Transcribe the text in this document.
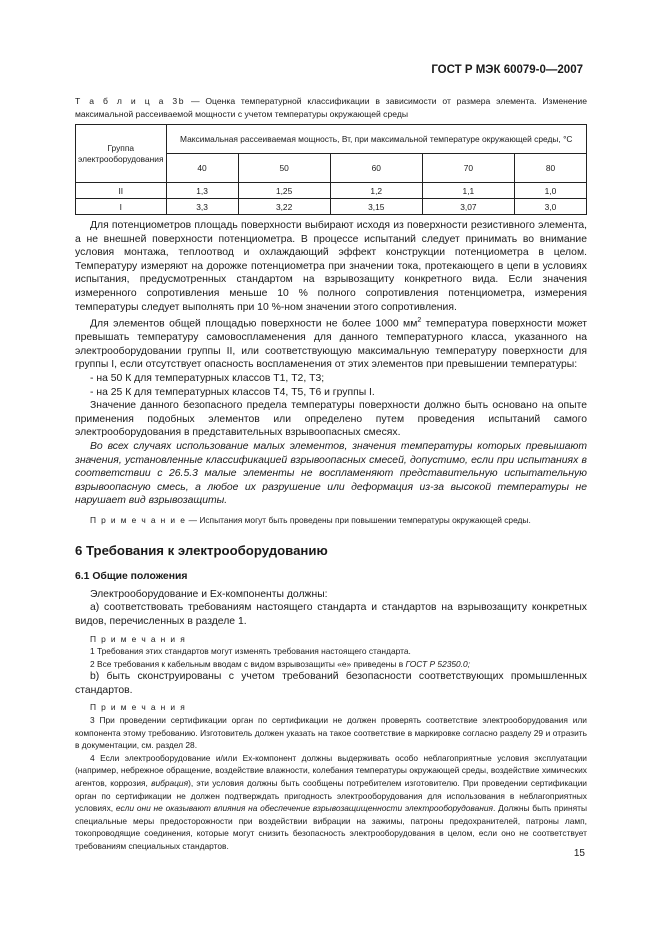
ГОСТ Р МЭК 60079-0—2007
Т а б л и ц а 3b — Оценка температурной классификации в зависимости от размера элемента. Изменение максимальной рассеиваемой мощности с учетом температуры окружающей среды
Группа электрооборудования	Максимальная рассеиваемая мощность, Вт, при максимальной температуре окружающей среды, °С				
	40	50	60	70	80
II	1,3	1,25	1,2	1,1	1,0
I	3,3	3,22	3,15	3,07	3,0

Для потенциометров площадь поверхности выбирают исходя из поверхности резистивного элемента, а не внешней поверхности потенциометра. В процессе испытаний следует принимать во внимание условия монтажа, теплоотвод и охлаждающий эффект конструкции потенциометра в целом. Температуру измеряют на дорожке потенциометра при значении тока, протекающего в цепи в условиях испытания, предусмотренных стандартом на взрывозащиту конкретного вида. Если значения измеренного сопротивления меньше 10 % полного сопротивления потенциометра, измерения температуры следует выполнять при 10 %-ном значении этого сопротивления.

Для элементов общей площадью поверхности не более 1000 $мм^2$ температура поверхности может превышать температуру самовоспламенения для данного температурного класса, указанного на электрооборудовании группы II, или соответствующую максимальную температуру поверхности для группы I, если отсутствует опасность воспламенения от этих элементов при превышении температуры:

- на 50 К для температурных классов Т1, Т2, Т3;

- на 25 К для температурных классов Т4, Т5, Т6 и группы I.

Значение данного безопасного предела температуры поверхности должно быть основано на опыте применения подобных элементов или определено путем проведения испытаний самого электрооборудования в представительных взрывоопасных смесях.

Во всех случаях использование малых элементов, значения температуры которых превышают значения, установленные классификацией взрывоопасных смесей, допустимо, если при испытаниях в соответствии с 26.5.3 малые элементы не воспламеняют представительную испытательную взрывоопасную смесь, а любое их разрушение или деформация из-за высокой температуры не нарушает вид взрывозащиты.

П р и м е ч а н и е — Испытания могут быть проведены при повышении температуры окружающей среды.

6 Требования к электрооборудованию

6.1 Общие положения

Электрооборудование и Ex-компоненты должны:

а) соответствовать требованиям настоящего стандарта и стандартов на взрывозащиту конкретных видов, перечисленных в разделе 1.

П р и м е ч а н и я

1 Требования этих стандартов могут изменять требования настоящего стандарта.

2 Все требования к кабельным вводам с видом взрывозащиты «е» приведены в ГОСТ Р 52350.0;

b) быть сконструированы с учетом требований безопасности соответствующих промышленных стандартов.

П р и м е ч а н и я

3 При проведении сертификации орган по сертификации не должен проверять соответствие электрооборудования или компонента этому требованию. Изготовитель должен указать на такое соответствие в маркировке согласно разделу 29 и отразить в документации, см. раздел 28.

4 Если электрооборудование и/или Ex-компонент должны выдерживать особо неблагоприятные условия эксплуатации (например, небрежное обращение, воздействие влажности, колебания температуры окружающей среды, воздействие химических агентов, коррозия, вибрация), эти условия должны быть сообщены потребителем изготовителю. При проведении сертификации орган по сертификации не должен подтверждать пригодность электрооборудования для использования в неблагоприятных условиях, если они не оказывают влияния на обеспечение взрывозащищенности электрооборудования. Должны быть приняты специальные меры предосторожности при воздействии вибрации на зажимы, патроны предохранителей, патроны ламп, токопроводящие соединения, которые могут снизить безопасность электрооборудования в целом, если оно не соответствует требованиям специальных стандартов.

15
